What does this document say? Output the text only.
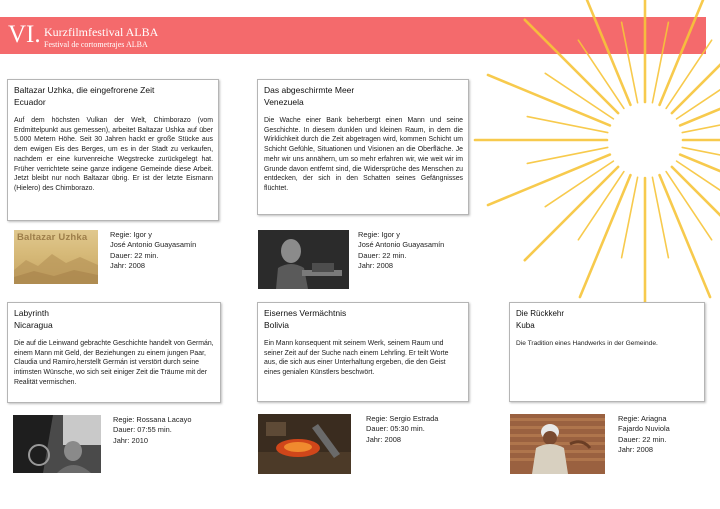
VI. Kurzfilmfestival ALBA
Festival de cortometrajes ALBA
Baltazar Uzhka, die eingefrorene Zeit
Ecuador
Auf dem höchsten Vulkan der Welt, Chimborazo (vom Erdmittelpunkt aus gemessen), arbeitet Baltazar Ushka auf über 5.000 Metern Höhe. Seit 30 Jahren hackt er große Stücke aus dem ewigen Eis des Berges, um es in der Stadt zu verkaufen, nachdem er eine kurvenreiche Wegstrecke zurückgelegt hat. Früher verrichtete seine ganze indigene Gemeinde diese Arbeit. Jetzt bleibt nur noch Baltazar übrig. Er ist der letzte Eismann (Hielero) des Chimborazo.
Baltazar Uzhka	Regie: Igor y
José Antonio Guayasamín
Dauer: 22 min.
Jahr: 2008
Das abgeschirmte Meer
Venezuela
Die Wache einer Bank beherbergt einen Mann und seine Geschichte. In diesem dunklen und kleinen Raum, in dem die Wirklichkeit durch die Zeit abgetragen wird, kommen Schicht um Schicht Gefühle, Situationen und Visionen an die Oberfläche. Je mehr wir uns annähern, um so mehr erfahren wir, wie weit wir im Grunde davon entfernt sind, die Widersprüche des Menschen zu entdecken, der sich in den Schatten seines Gefängnisses flüchtet.
Regie: Igor y
José Antonio Guayasamín
Dauer: 22 min.
Jahr: 2008
Labyrinth
Nicaragua
Die auf die Leinwand gebrachte Geschichte handelt von Germán, einem Mann mit Geld, der Beziehungen zu einem jungen Paar, Claudia und Ramiro,herstellt Germán ist verstört durch seine intimsten Wünsche, wo sich seit einiger Zeit die Träume mit der Realität vermischen.
Regie: Rossana Lacayo
Dauer: 07:55 min.
Jahr: 2010
Eisernes Vermächtnis
Bolivia
Ein Mann konsequent mit seinem Werk, seinem Raum und seiner Zeit auf der Suche nach einem Lehrling. Er teilt Worte aus, die sich aus einer Unterhaltung ergeben, die den Geist eines genialen Künstlers beschwört.
Regie: Sergio Estrada
Dauer: 05:30 min.
Jahr: 2008
Die Rückkehr
Kuba
Die Tradition eines Handwerks in der Gemeinde.
Regie: Ariagna
Fajardo Nuviola
Dauer: 22 min.
Jahr: 2008
